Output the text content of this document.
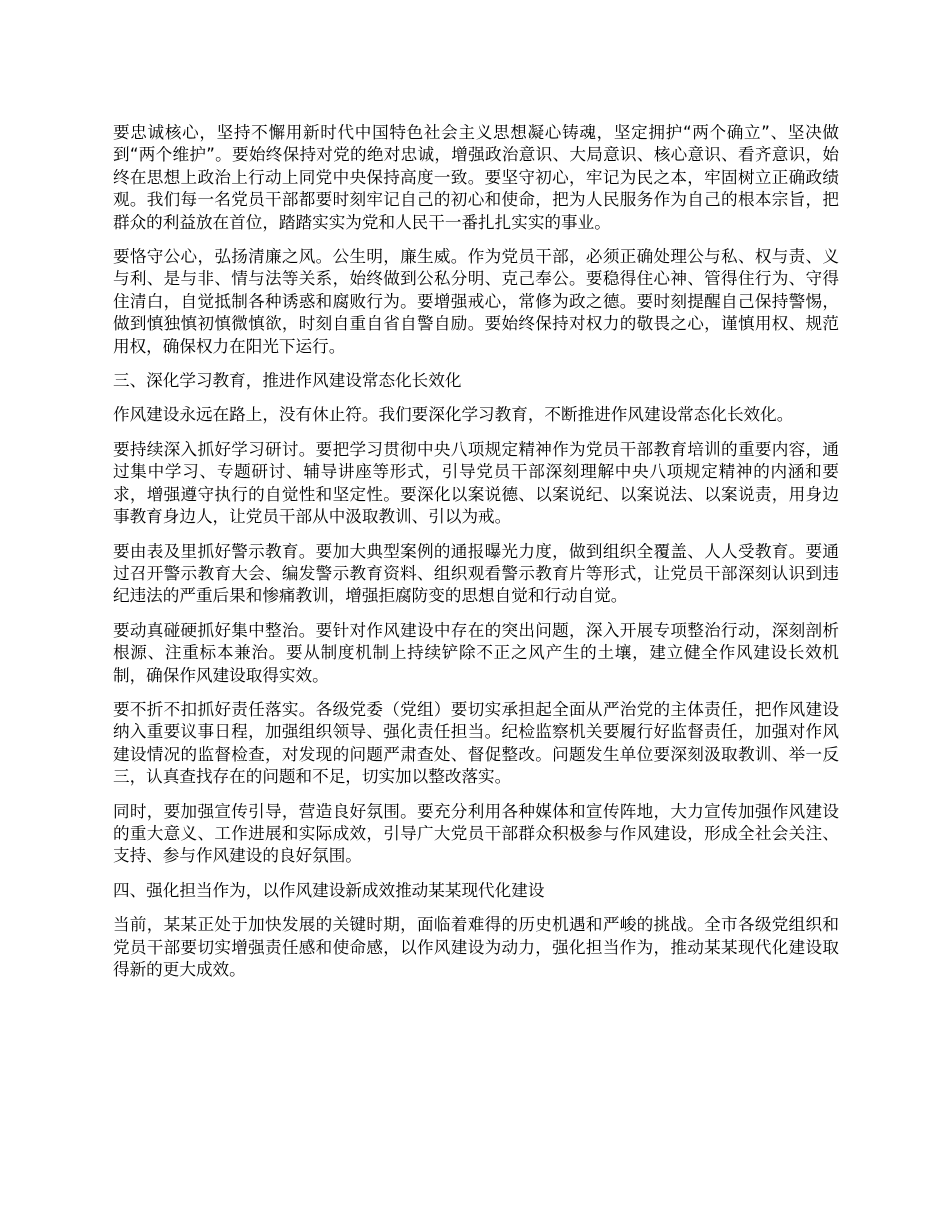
要忠诚核心，坚持不懈用新时代中国特色社会主义思想凝心铸魂，坚定拥护“两个确立”、坚决做到“两个维护”。要始终保持对党的绝对忠诚，增强政治意识、大局意识、核心意识、看齐意识，始终在思想上政治上行动上同党中央保持高度一致。要坚守初心，牢记为民之本，牢固树立正确政绩观。我们每一名党员干部都要时刻牢记自己的初心和使命，把为人民服务作为自己的根本宗旨，把群众的利益放在首位，踏踏实实为党和人民干一番扎扎实实的事业。

要恪守公心，弘扬清廉之风。公生明，廉生威。作为党员干部，必须正确处理公与私、权与责、义与利、是与非、情与法等关系，始终做到公私分明、克己奉公。要稳得住心神、管得住行为、守得住清白，自觉抵制各种诱惑和腐败行为。要增强戒心，常修为政之德。要时刻提醒自己保持警惕，做到慎独慎初慎微慎欲，时刻自重自省自警自励。要始终保持对权力的敬畏之心，谨慎用权、规范用权，确保权力在阳光下运行。

三、深化学习教育，推进作风建设常态化长效化

作风建设永远在路上，没有休止符。我们要深化学习教育，不断推进作风建设常态化长效化。

要持续深入抓好学习研讨。要把学习贯彻中央八项规定精神作为党员干部教育培训的重要内容，通过集中学习、专题研讨、辅导讲座等形式，引导党员干部深刻理解中央八项规定精神的内涵和要求，增强遵守执行的自觉性和坚定性。要深化以案说德、以案说纪、以案说法、以案说责，用身边事教育身边人，让党员干部从中汲取教训、引以为戒。

要由表及里抓好警示教育。要加大典型案例的通报曝光力度，做到组织全覆盖、人人受教育。要通过召开警示教育大会、编发警示教育资料、组织观看警示教育片等形式，让党员干部深刻认识到违纪违法的严重后果和惨痛教训，增强拒腐防变的思想自觉和行动自觉。

要动真碰硬抓好集中整治。要针对作风建设中存在的突出问题，深入开展专项整治行动，深刻剖析根源、注重标本兼治。要从制度机制上持续铲除不正之风产生的土壤，建立健全作风建设长效机制，确保作风建设取得实效。

要不折不扣抓好责任落实。各级党委（党组）要切实承担起全面从严治党的主体责任，把作风建设纳入重要议事日程，加强组织领导、强化责任担当。纪检监察机关要履行好监督责任，加强对作风建设情况的监督检查，对发现的问题严肃查处、督促整改。问题发生单位要深刻汲取教训、举一反三，认真查找存在的问题和不足，切实加以整改落实。

同时，要加强宣传引导，营造良好氛围。要充分利用各种媒体和宣传阵地，大力宣传加强作风建设的重大意义、工作进展和实际成效，引导广大党员干部群众积极参与作风建设，形成全社会关注、支持、参与作风建设的良好氛围。

四、强化担当作为，以作风建设新成效推动某某现代化建设

当前，某某正处于加快发展的关键时期，面临着难得的历史机遇和严峻的挑战。全市各级党组织和党员干部要切实增强责任感和使命感，以作风建设为动力，强化担当作为，推动某某现代化建设取得新的更大成效。
